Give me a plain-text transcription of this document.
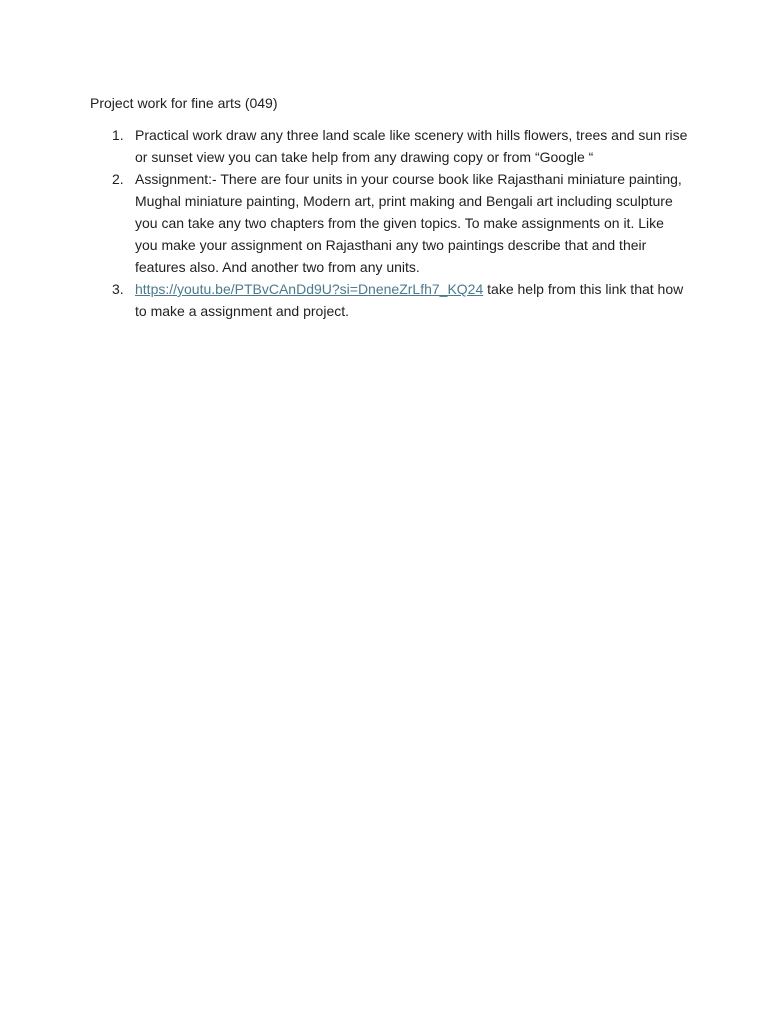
Project work for fine arts (049)

1. Practical work draw any three land scale like scenery with hills flowers, trees and sun rise or sunset view you can take help from any drawing copy or from “Google “
2. Assignment:- There are four units in your course book like Rajasthani miniature painting, Mughal miniature painting, Modern art, print making and Bengali art including sculpture you can take any two chapters from the given topics. To make assignments on it. Like you make your assignment on Rajasthani any two paintings describe that and their features also. And another two from any units.
3. https://youtu.be/PTBvCAnDd9U?si=DneneZrLfh7_KQ24 take help from this link that how to make a assignment and project.
